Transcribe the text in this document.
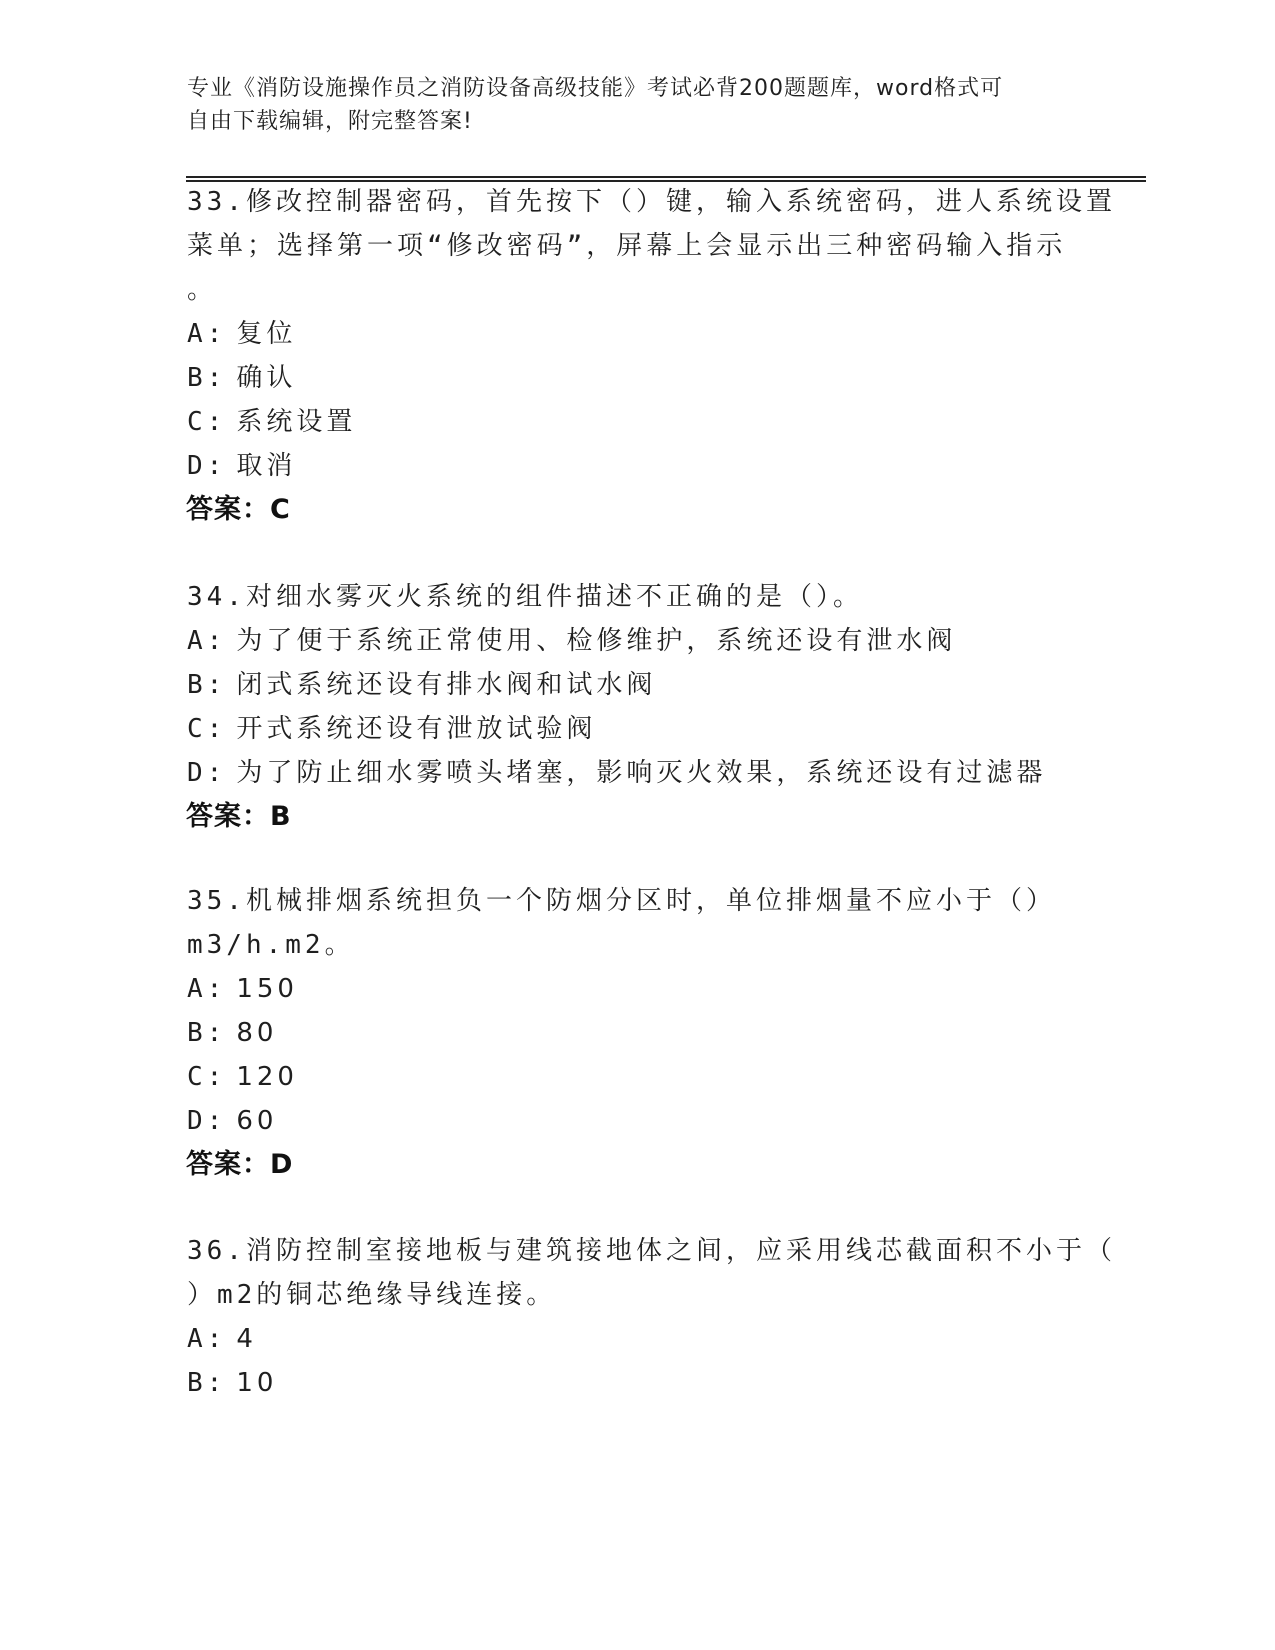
专业《消防设施操作员之消防设备高级技能》考试必背200题题库，word格式可
自由下载编辑，附完整答案!
33.修改控制器密码，首先按下（）键，输入系统密码，进人系统设置
菜单；选择第一项“修改密码”，屏幕上会显示出三种密码输入指示
。
A: 复位
B: 确认
C: 系统设置
D: 取消
答案：C
34.对细水雾灭火系统的组件描述不正确的是（）。
A: 为了便于系统正常使用、检修维护，系统还设有泄水阀
B: 闭式系统还设有排水阀和试水阀
C: 开式系统还设有泄放试验阀
D: 为了防止细水雾喷头堵塞，影响灭火效果，系统还设有过滤器
答案：B
35.机械排烟系统担负一个防烟分区时，单位排烟量不应小于（）
m3/h.m2。
A: 150
B: 80
C: 120
D: 60
答案：D
36.消防控制室接地板与建筑接地体之间，应采用线芯截面积不小于（
）m2的铜芯绝缘导线连接。
A: 4
B: 10
